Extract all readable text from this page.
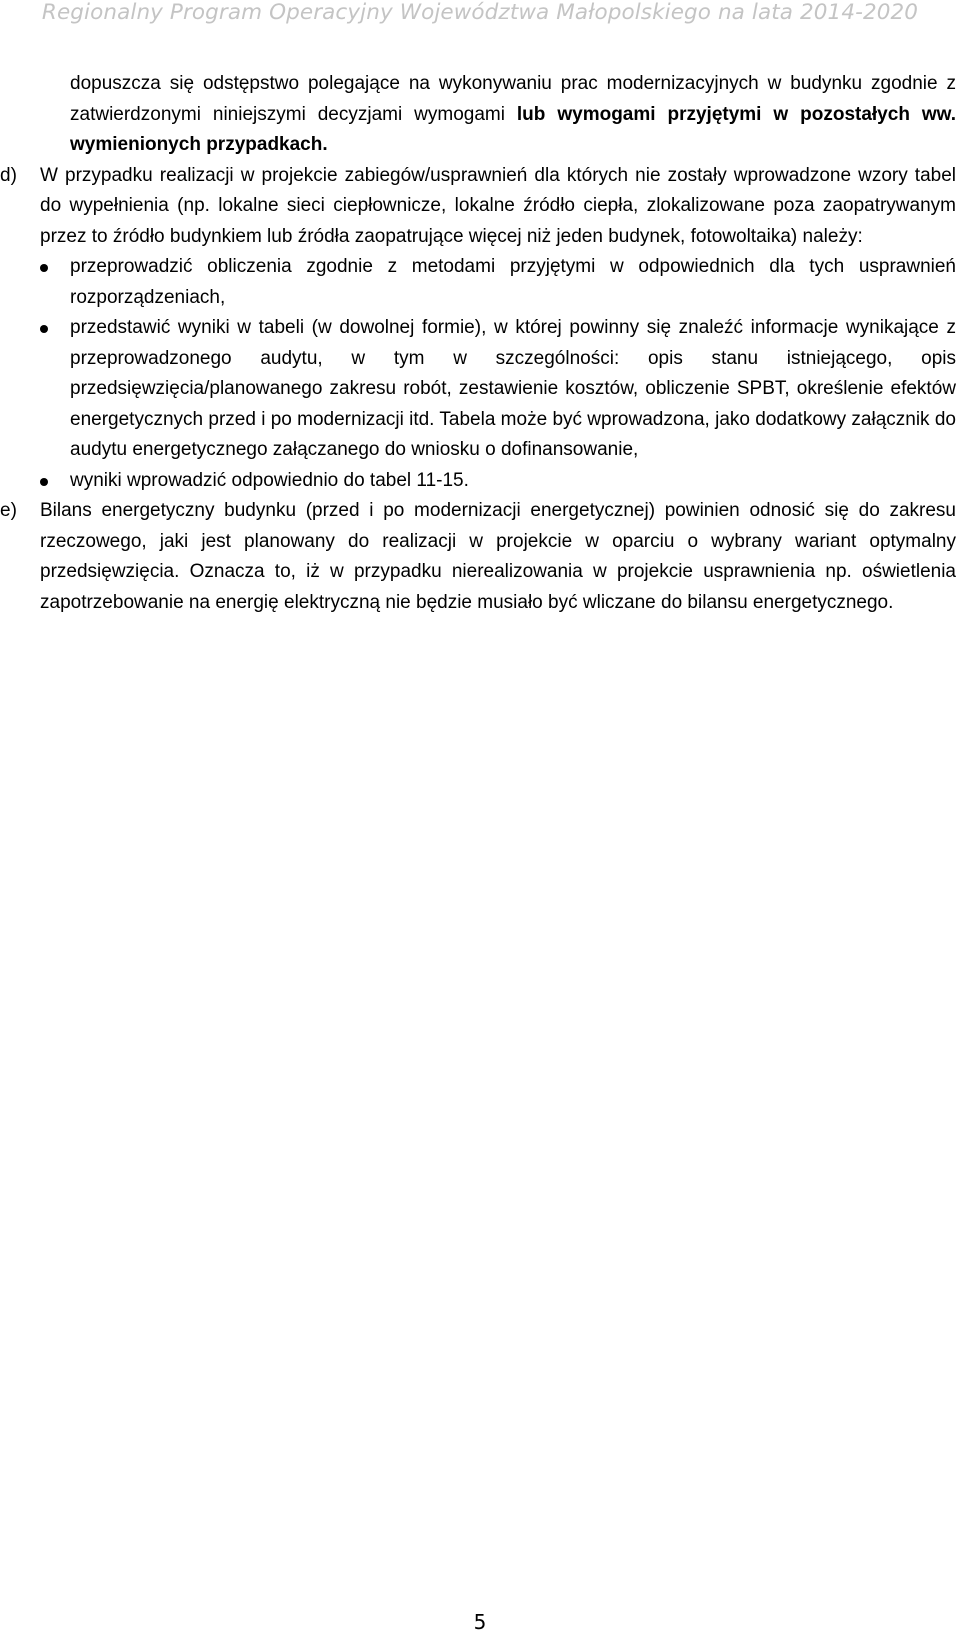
Regionalny Program Operacyjny Województwa Małopolskiego na lata 2014-2020

dopuszcza się odstępstwo polegające na wykonywaniu prac modernizacyjnych w budynku zgodnie z zatwierdzonymi niniejszymi decyzjami wymogami lub wymogami przyjętymi w pozostałych ww. wymienionych przypadkach.

d) W przypadku realizacji w projekcie zabiegów/usprawnień dla których nie zostały wprowadzone wzory tabel do wypełnienia (np. lokalne sieci ciepłownicze, lokalne źródło ciepła, zlokalizowane poza zaopatrywanym przez to źródło budynkiem lub źródła zaopatrujące więcej niż jeden budynek, fotowoltaika) należy:
przeprowadzić obliczenia zgodnie z metodami przyjętymi w odpowiednich dla tych usprawnień rozporządzeniach,
przedstawić wyniki w tabeli (w dowolnej formie), w której powinny się znaleźć informacje wynikające z przeprowadzonego audytu, w tym w szczególności: opis stanu istniejącego, opis przedsięwzięcia/planowanego zakresu robót, zestawienie kosztów, obliczenie SPBT, określenie efektów energetycznych przed i po modernizacji itd. Tabela może być wprowadzona, jako dodatkowy załącznik do audytu energetycznego załączanego do wniosku o dofinansowanie,
wyniki wprowadzić odpowiednio do tabel 11-15.
e) Bilans energetyczny budynku (przed i po modernizacji energetycznej) powinien odnosić się do zakresu rzeczowego, jaki jest planowany do realizacji w projekcie w oparciu o wybrany wariant optymalny przedsięwzięcia. Oznacza to, iż w przypadku nierealizowania w projekcie usprawnienia np. oświetlenia zapotrzebowanie na energię elektryczną nie będzie musiało być wliczane do bilansu energetycznego.
5
